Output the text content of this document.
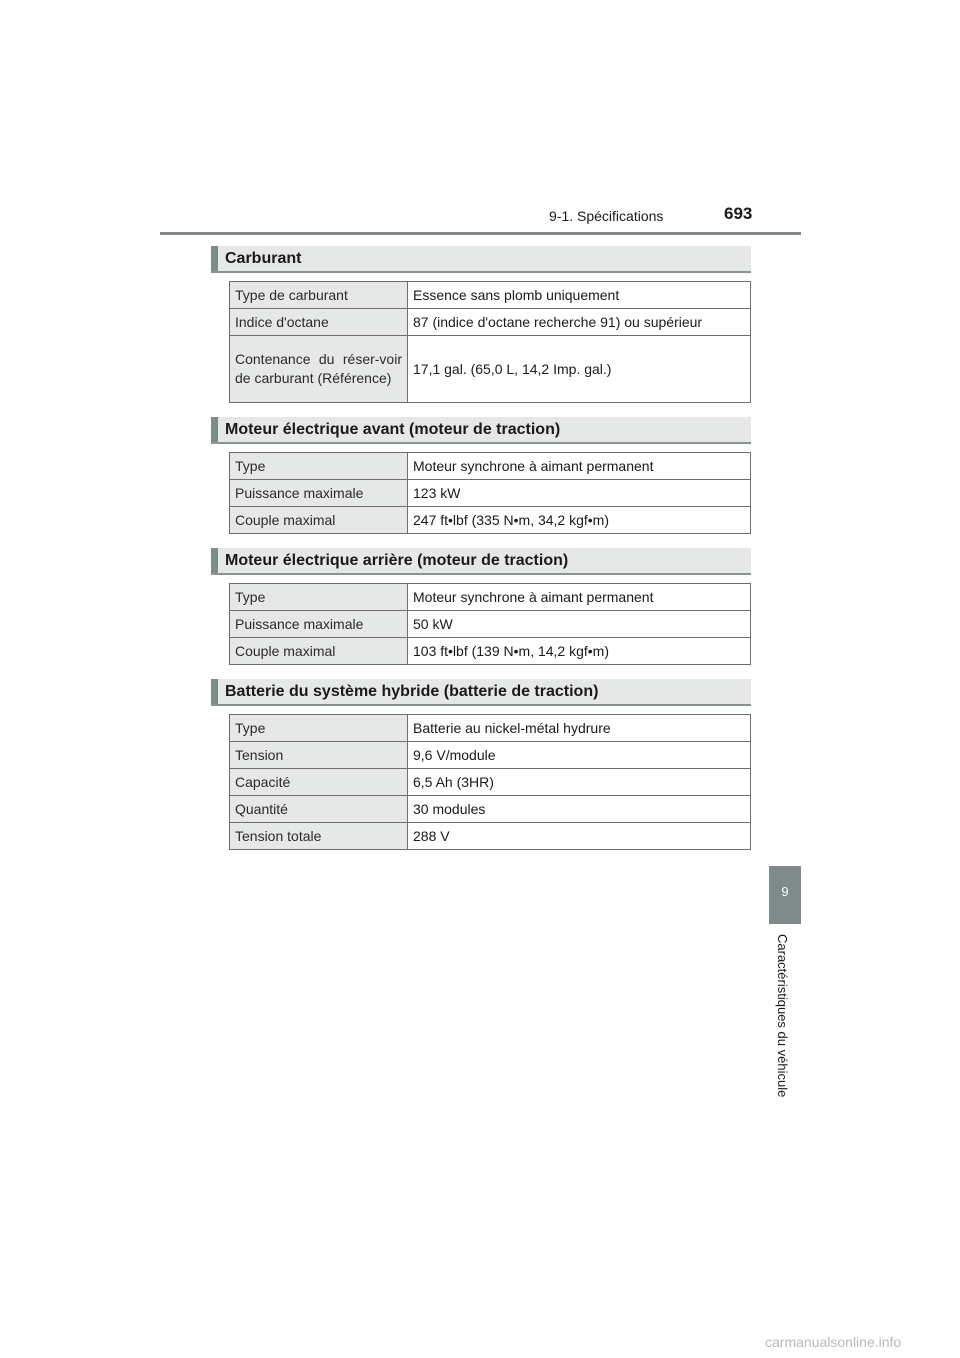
9-1. Spécifications	693
Carburant
Type de carburant	Essence sans plomb uniquement
Indice d'octane	87 (indice d'octane recherche 91) ou supérieur
Contenance du réser-voir de carburant (Référence)	17,1 gal. (65,0 L, 14,2 Imp. gal.)
Moteur électrique avant (moteur de traction)
Type	Moteur synchrone à aimant permanent
Puissance maximale	123 kW
Couple maximal	247 ft•lbf (335 N•m, 34,2 kgf•m)
Moteur électrique arrière (moteur de traction)
Type	Moteur synchrone à aimant permanent
Puissance maximale	50 kW
Couple maximal	103 ft•lbf (139 N•m, 14,2 kgf•m)
Batterie du système hybride (batterie de traction)
Type	Batterie au nickel-métal hydrure
Tension	9,6 V/module
Capacité	6,5 Ah (3HR)
Quantité	30 modules
Tension totale	288 V
9
Caractéristiques du véhicule
carmanualsonline.info
